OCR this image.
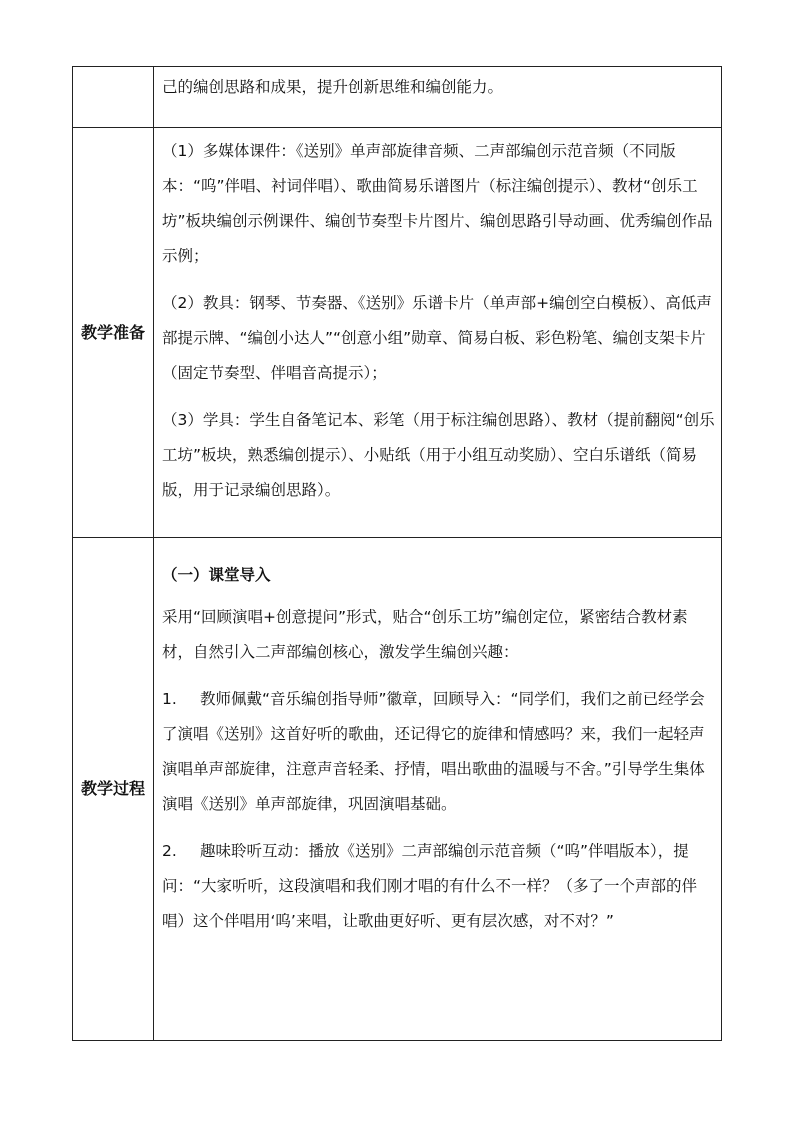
	己的编创思路和成果，提升创新思维和编创能力。

教学准备	（1）多媒体课件：《送别》单声部旋律音频、二声部编创示范音频（不同版本：“呜”伴唱、衬词伴唱）、歌曲简易乐谱图片（标注编创提示）、教材“创乐工坊”板块编创示例课件、编创节奏型卡片图片、编创思路引导动画、优秀编创作品示例；

（2）教具：钢琴、节奏器、《送别》乐谱卡片（单声部+编创空白模板）、高低声部提示牌、“编创小达人”“创意小组”勋章、简易白板、彩色粉笔、编创支架卡片（固定节奏型、伴唱音高提示）；

（3）学具：学生自备笔记本、彩笔（用于标注编创思路）、教材（提前翻阅“创乐工坊”板块，熟悉编创提示）、小贴纸（用于小组互动奖励）、空白乐谱纸（简易版，用于记录编创思路）。

教学过程	（一）课堂导入

采用“回顾演唱+创意提问”形式，贴合“创乐工坊”编创定位，紧密结合教材素材，自然引入二声部编创核心，激发学生编创兴趣：

1. 教师佩戴“音乐编创指导师”徽章，回顾导入：“同学们，我们之前已经学会了演唱《送别》这首好听的歌曲，还记得它的旋律和情感吗？来，我们一起轻声演唱单声部旋律，注意声音轻柔、抒情，唱出歌曲的温暖与不舍。”引导学生集体演唱《送别》单声部旋律，巩固演唱基础。

2. 趣味聆听互动：播放《送别》二声部编创示范音频（“呜”伴唱版本），提问：“大家听听，这段演唱和我们刚才唱的有什么不一样？（多了一个声部的伴唱）这个伴唱用‘呜’来唱，让歌曲更好听、更有层次感，对不对？”
